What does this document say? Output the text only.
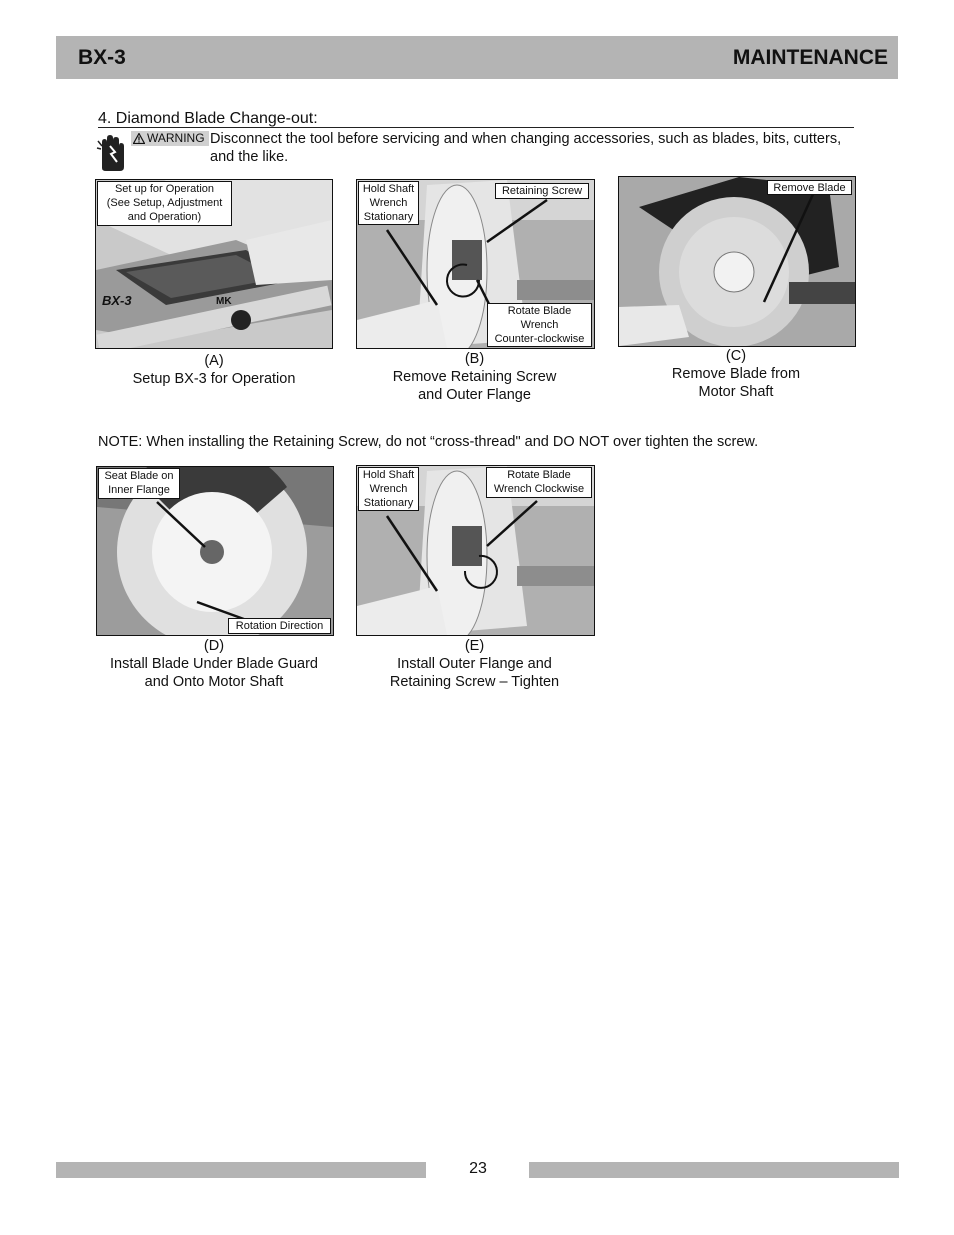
BX-3	MAINTENANCE
4. Diamond Blade Change-out:
WARNING Disconnect the tool before servicing and when changing accessories, such as blades, bits, cutters, and the like.
BX-3	MK
Set up for Operation
(See Setup, Adjustment
and Operation)
(A)
Setup BX-3 for Operation
Hold Shaft
Wrench
Stationary
Retaining Screw
Rotate Blade
Wrench
Counter-clockwise
(B)
Remove Retaining Screw
and Outer Flange
Remove Blade
(C)
Remove Blade from
Motor Shaft
NOTE: When installing the Retaining Screw, do not “cross-thread" and DO NOT over tighten the screw.
Seat Blade on
Inner Flange
Rotation Direction
(D)
Install Blade Under Blade Guard
and Onto Motor Shaft
Hold Shaft
Wrench
Stationary
Rotate Blade
Wrench Clockwise
(E)
Install Outer Flange and
Retaining Screw – Tighten
23
